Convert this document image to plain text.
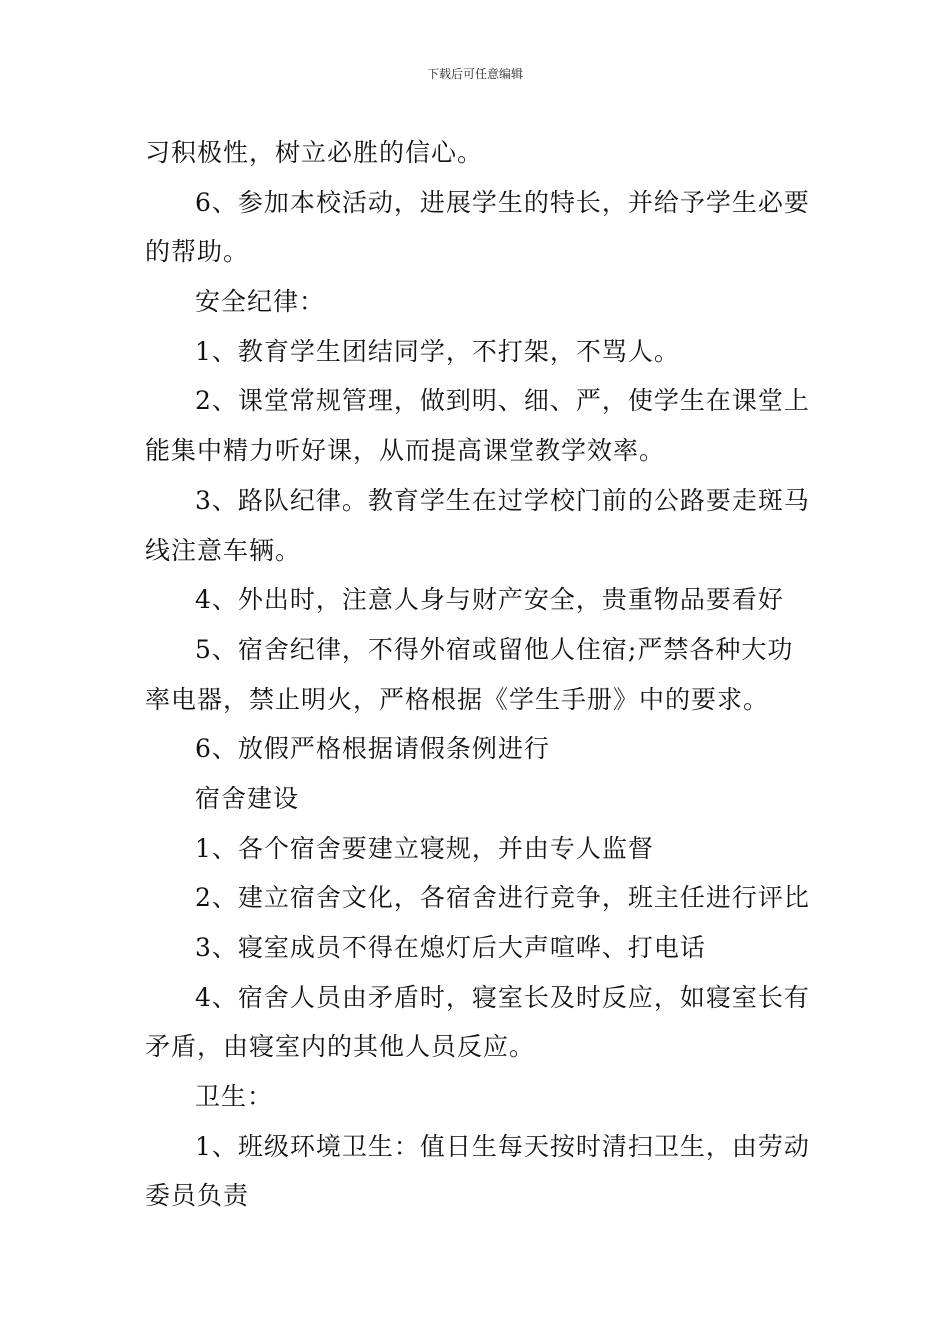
下载后可任意编辑
习积极性，树立必胜的信心。
6、参加本校活动，进展学生的特长，并给予学生必要
的帮助。
安全纪律：
1、教育学生团结同学，不打架，不骂人。
2、课堂常规管理，做到明、细、严，使学生在课堂上
能集中精力听好课，从而提高课堂教学效率。
3、路队纪律。教育学生在过学校门前的公路要走斑马
线注意车辆。
4、外出时，注意人身与财产安全，贵重物品要看好
5、宿舍纪律，不得外宿或留他人住宿;严禁各种大功
率电器，禁止明火，严格根据《学生手册》中的要求。
6、放假严格根据请假条例进行
宿舍建设
1、各个宿舍要建立寝规，并由专人监督
2、建立宿舍文化，各宿舍进行竞争，班主任进行评比
3、寝室成员不得在熄灯后大声喧哗、打电话
4、宿舍人员由矛盾时，寝室长及时反应，如寝室长有
矛盾，由寝室内的其他人员反应。
卫生：
1、班级环境卫生：值日生每天按时清扫卫生，由劳动
委员负责
